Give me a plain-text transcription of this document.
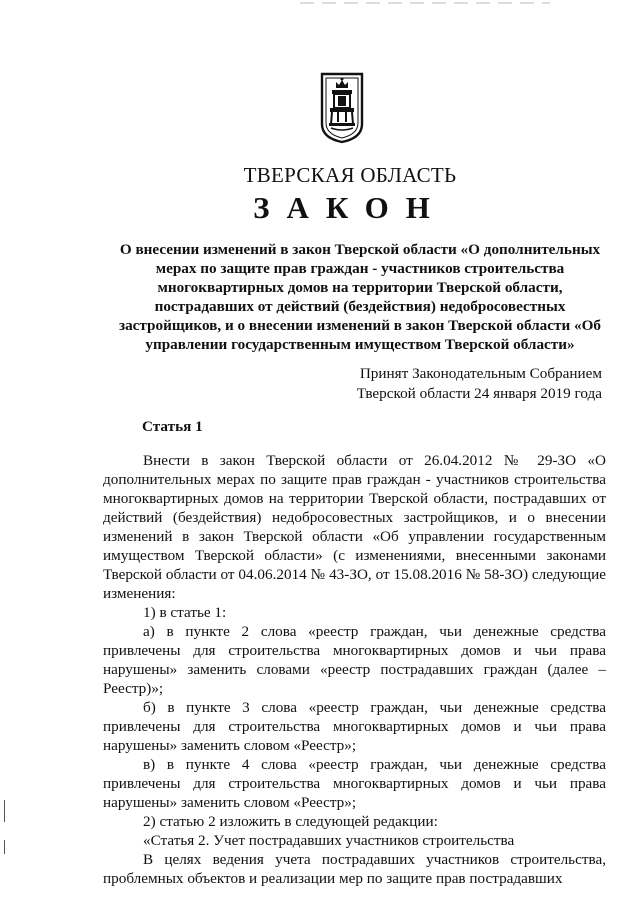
ТВЕРСКАЯ ОБЛАСТЬ
ЗАКОН
О внесении изменений в закон Тверской области «О дополнительных мерах по защите прав граждан - участников строительства многоквартирных домов на территории Тверской области, пострадавших от действий (бездействия) недобросовестных застройщиков, и о внесении изменений в закон Тверской области «Об управлении государственным имуществом Тверской области»
Принят Законодательным Собранием
Тверской области 24 января 2019 года
Статья 1

Внести в закон Тверской области от 26.04.2012 № 29-ЗО «О дополнительных мерах по защите прав граждан - участников строительства многоквартирных домов на территории Тверской области, пострадавших от действий (бездействия) недобросовестных застройщиков, и о внесении изменений в закон Тверской области «Об управлении государственным имуществом Тверской области» (с изменениями, внесенными законами Тверской области от 04.06.2014 № 43-ЗО, от 15.08.2016 № 58-ЗО) следующие изменения:

1) в статье 1:

а) в пункте 2 слова «реестр граждан, чьи денежные средства привлечены для строительства многоквартирных домов и чьи права нарушены» заменить словами «реестр пострадавших граждан (далее – Реестр)»;

б) в пункте 3 слова «реестр граждан, чьи денежные средства привлечены для строительства многоквартирных домов и чьи права нарушены» заменить словом «Реестр»;

в) в пункте 4 слова «реестр граждан, чьи денежные средства привлечены для строительства многоквартирных домов и чьи права нарушены» заменить словом «Реестр»;

2) статью 2 изложить в следующей редакции:

«Статья 2. Учет пострадавших участников строительства

В целях ведения учета пострадавших участников строительства, проблемных объектов и реализации мер по защите прав пострадавших
